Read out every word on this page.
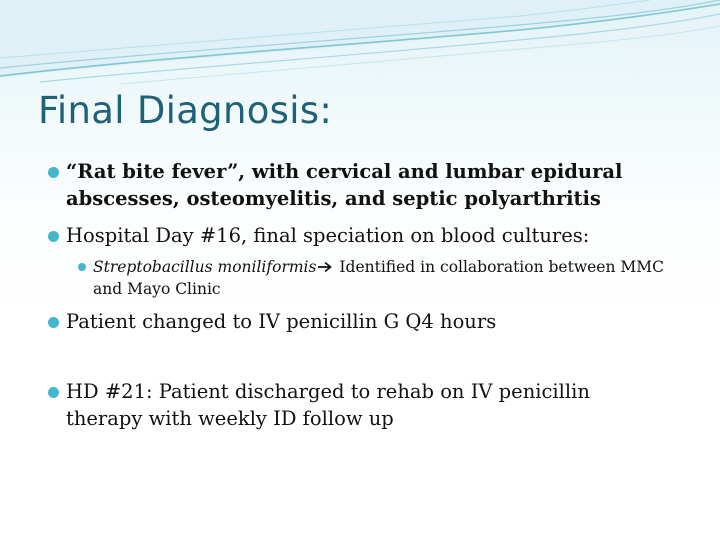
Final Diagnosis:
“Rat bite fever”, with cervical and lumbar epidural abscesses, osteomyelitis, and septic polyarthritis
Hospital Day #16, final speciation on blood cultures:
Streptobacillus moniliformis Identified in collaboration between MMC and Mayo Clinic
Patient changed to IV penicillin G Q4 hours
HD #21: Patient discharged to rehab on IV penicillin therapy with weekly ID follow up
